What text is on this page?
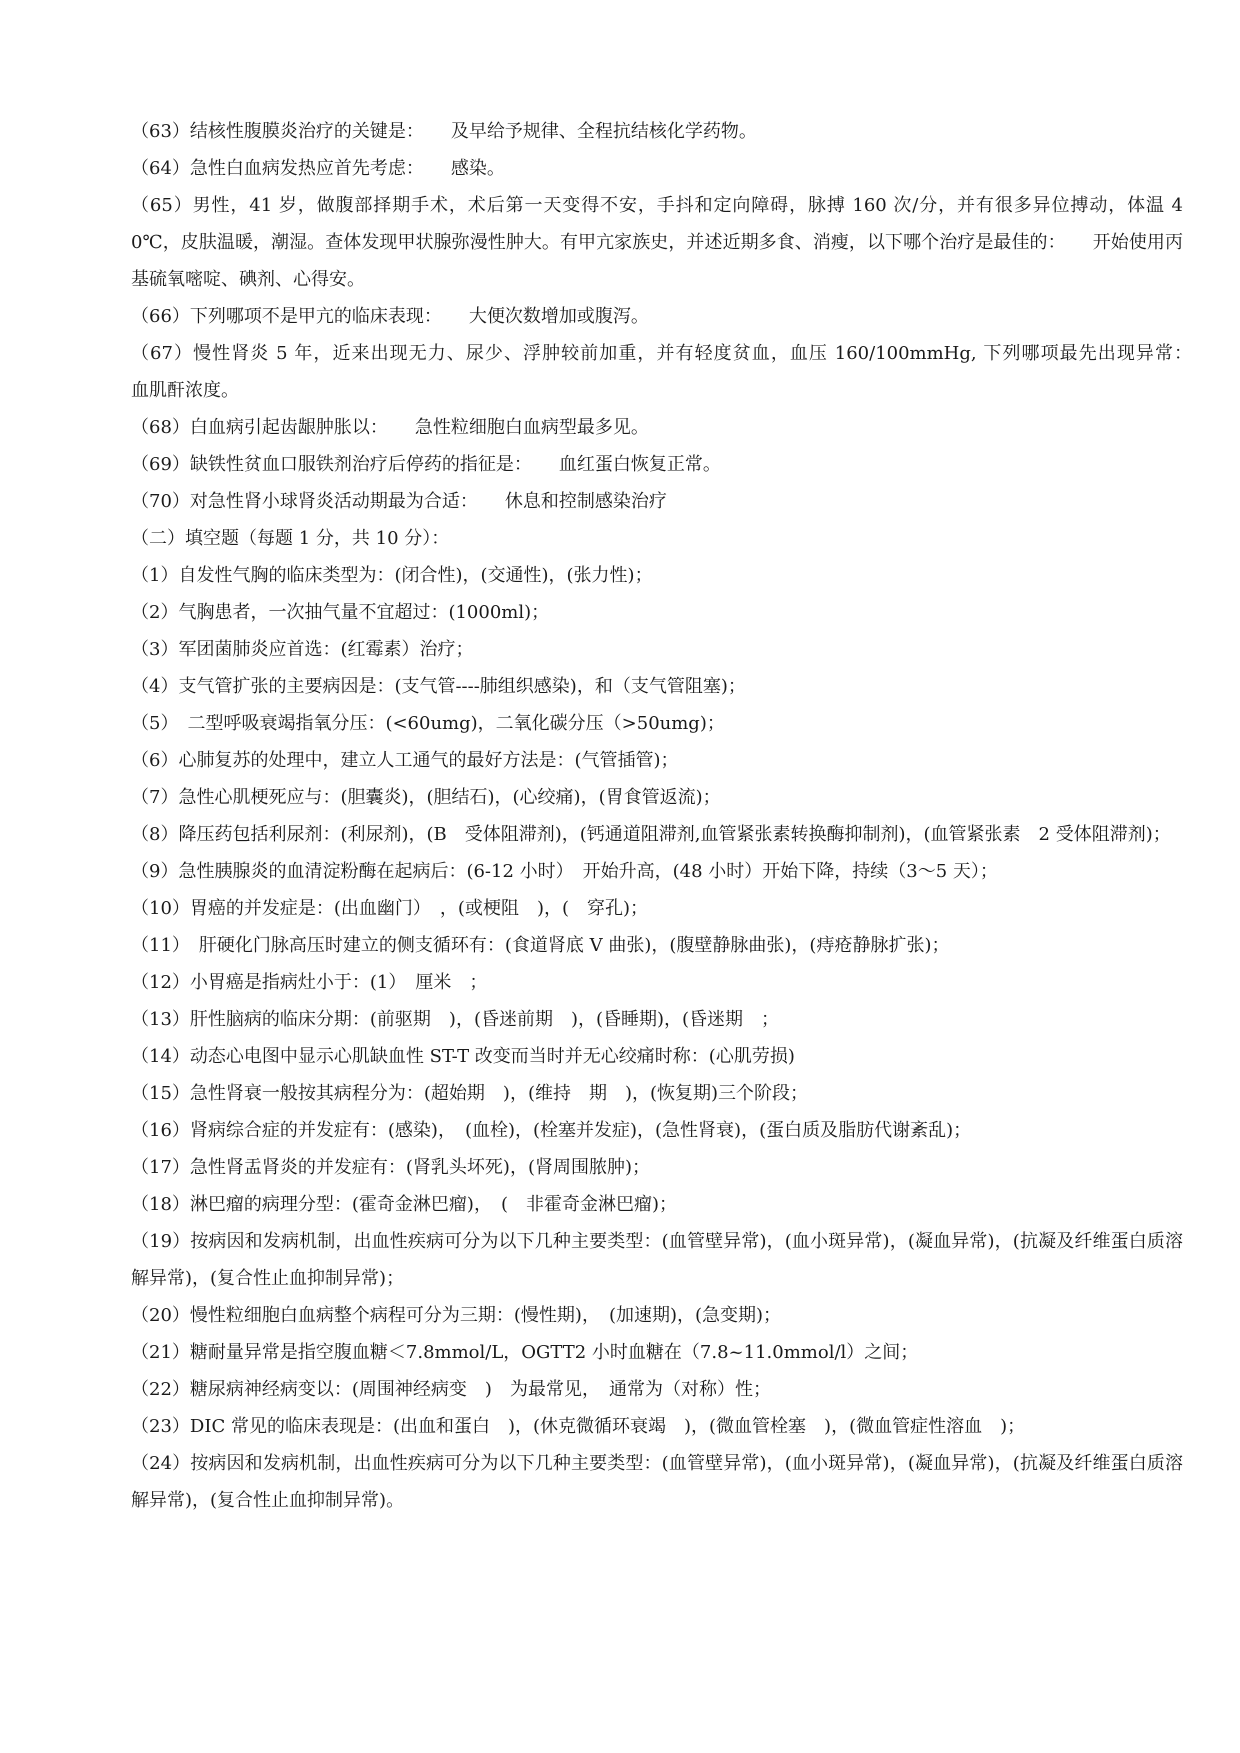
（63）结核性腹膜炎治疗的关键是：　　及早给予规律、全程抗结核化学药物。

（64）急性白血病发热应首先考虑：　　感染。

（65）男性，41 岁，做腹部择期手术，术后第一天变得不安，手抖和定向障碍，脉搏 160 次/分，并有很多异位搏动，体温 40℃，皮肤温暖，潮湿。查体发现甲状腺弥漫性肿大。有甲亢家族史，并述近期多食、消瘦，以下哪个治疗是最佳的：　　开始使用丙基硫氧嘧啶、碘剂、心得安。

（66）下列哪项不是甲亢的临床表现：　　大便次数增加或腹泻。

（67）慢性肾炎 5 年，近来出现无力、尿少、浮肿较前加重，并有轻度贫血，血压 160/100mmHg, 下列哪项最先出现异常：　　血肌酐浓度。

（68）白血病引起齿龈肿胀以：　　急性粒细胞白血病型最多见。

（69）缺铁性贫血口服铁剂治疗后停药的指征是：　　血红蛋白恢复正常。

（70）对急性肾小球肾炎活动期最为合适：　　休息和控制感染治疗

（二）填空题（每题 1 分，共 10 分）：

（1）自发性气胸的临床类型为：(闭合性)，(交通性)，(张力性)；

（2）气胸患者，一次抽气量不宜超过：(1000ml)；

（3）军团菌肺炎应首选：(红霉素）治疗；

（4）支气管扩张的主要病因是：(支气管----肺组织感染)，和（支气管阻塞)；

（5）　二型呼吸衰竭指氧分压：(<60umg)，二氧化碳分压（>50umg)；

（6）心肺复苏的处理中，建立人工通气的最好方法是：(气管插管)；

（7）急性心肌梗死应与：(胆囊炎)，(胆结石)，(心绞痛)，(胃食管返流)；

（8）降压药包括利尿剂：(利尿剂)，(B　受体阻滞剂)，(钙通道阻滞剂,血管紧张素转换酶抑制剂)，(血管紧张素　2 受体阻滞剂)；

（9）急性胰腺炎的血清淀粉酶在起病后：(6-12 小时）　开始升高，(48 小时）开始下降，持续（3～5 天）；

（10）胃癌的并发症是：(出血幽门）　，(或梗阻　)，(　穿孔)；

（11）　肝硬化门脉高压时建立的侧支循环有：(食道肾底 V 曲张)，(腹壁静脉曲张)，(痔疮静脉扩张)；

（12）小胃癌是指病灶小于：(1）　厘米　；

（13）肝性脑病的临床分期：(前驱期　)，(昏迷前期　)，(昏睡期)，(昏迷期　；

（14）动态心电图中显示心肌缺血性 ST-T 改变而当时并无心绞痛时称：(心肌劳损)

（15）急性肾衰一般按其病程分为：(超始期　)，(维持　期　)，(恢复期)三个阶段；

（16）肾病综合症的并发症有：(感染)，　(血栓)，(栓塞并发症)，(急性肾衰)，(蛋白质及脂肪代谢紊乱)；

（17）急性肾盂肾炎的并发症有：(肾乳头坏死)，(肾周围脓肿)；

（18）淋巴瘤的病理分型：(霍奇金淋巴瘤)，　(　非霍奇金淋巴瘤)；

（19）按病因和发病机制，出血性疾病可分为以下几种主要类型：(血管壁异常)，(血小斑异常)，(凝血异常)，(抗凝及纤维蛋白质溶解异常)，(复合性止血抑制异常)；

（20）慢性粒细胞白血病整个病程可分为三期：(慢性期)，　(加速期)，(急变期)；

（21）糖耐量异常是指空腹血糖＜7.8mmol/L，OGTT2 小时血糖在（7.8~11.0mmol/l）之间；

（22）糖尿病神经病变以：(周围神经病变　)　为最常见，　通常为（对称）性；

（23）DIC 常见的临床表现是：(出血和蛋白　)，(休克微循环衰竭　)，(微血管栓塞　)，(微血管症性溶血　)；

（24）按病因和发病机制，出血性疾病可分为以下几种主要类型：(血管壁异常)，(血小斑异常)，(凝血异常)，(抗凝及纤维蛋白质溶解异常)，(复合性止血抑制异常)。
